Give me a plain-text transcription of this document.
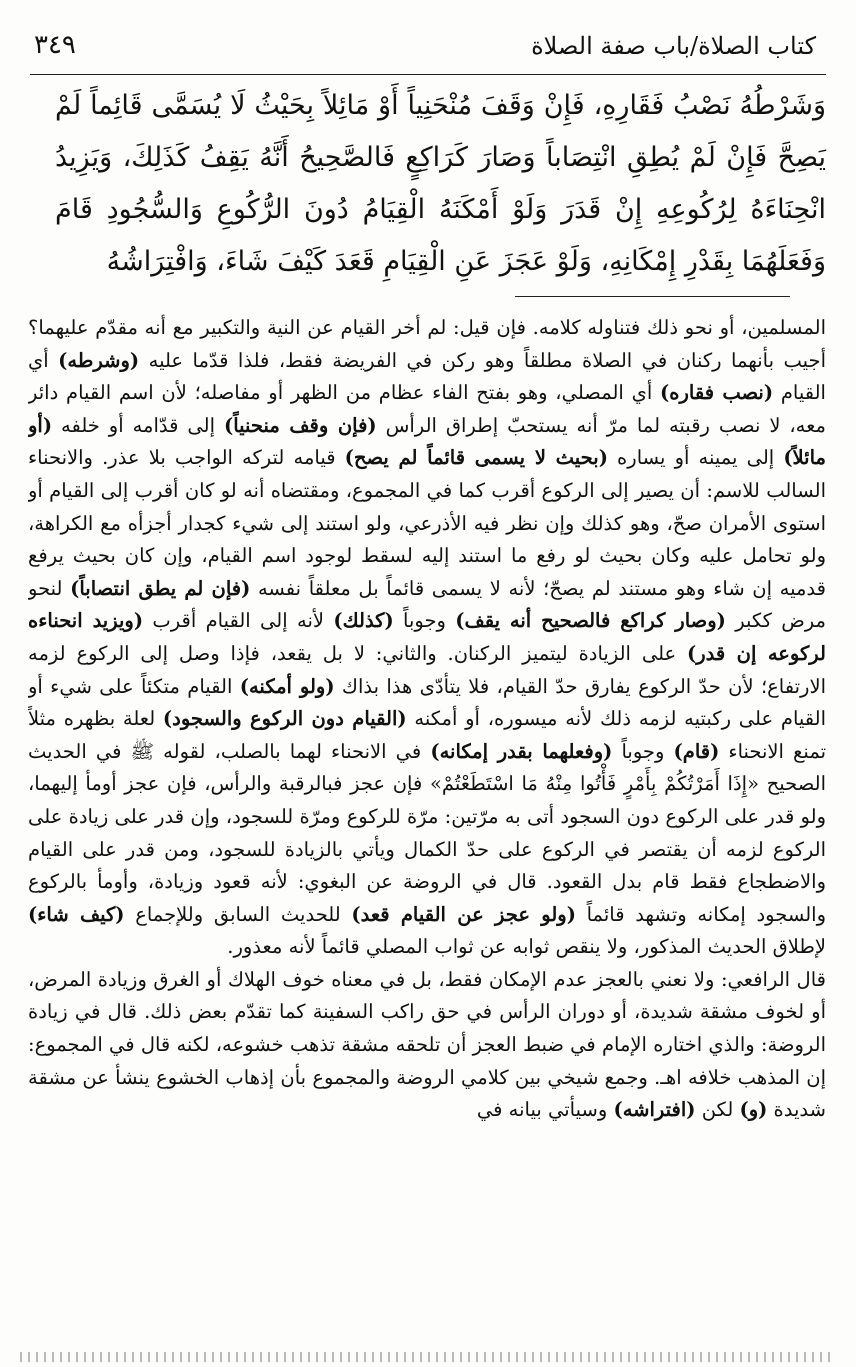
كتاب الصلاة/باب صفة الصلاة
٣٤٩

وَشَرْطُهُ نَصْبُ فَقَارِهِ، فَإِنْ وَقَفَ مُنْحَنِياً أَوْ مَائِلاً بِحَيْثُ لَا يُسَمَّى قَائِماً لَمْ يَصِحَّ فَإِنْ لَمْ يُطِقِ انْتِصَاباً وَصَارَ كَرَاكِعٍ فَالصَّحِيحُ أَنَّهُ يَقِفُ كَذَلِكَ، وَيَزِيدُ انْحِنَاءَهُ لِرُكُوعِهِ إِنْ قَدَرَ وَلَوْ أَمْكَنَهُ الْقِيَامُ دُونَ الرُّكُوعِ وَالسُّجُودِ قَامَ وَفَعَلَهُمَا بِقَدْرِ إِمْكَانِهِ، وَلَوْ عَجَزَ عَنِ الْقِيَامِ قَعَدَ كَيْفَ شَاءَ، وَافْتِرَاشُهُ

المسلمين، أو نحو ذلك فتناوله كلامه. فإن قيل: لم أخر القيام عن النية والتكبير مع أنه مقدّم عليهما؟ أجيب بأنهما ركنان في الصلاة مطلقاً وهو ركن في الفريضة فقط، فلذا قدّما عليه (وشرطه) أي القيام (نصب فقاره) أي المصلي، وهو بفتح الفاء عظام من الظهر أو مفاصله؛ لأن اسم القيام دائر معه، لا نصب رقبته لما مرّ أنه يستحبّ إطراق الرأس (فإن وقف منحنياً) إلى قدّامه أو خلفه (أو مائلاً) إلى يمينه أو يساره (بحيث لا يسمى قائماً لم يصح) قيامه لتركه الواجب بلا عذر. والانحناء السالب للاسم: أن يصير إلى الركوع أقرب كما في المجموع، ومقتضاه أنه لو كان أقرب إلى القيام أو استوى الأمران صحّ، وهو كذلك وإن نظر فيه الأذرعي، ولو استند إلى شيء كجدار أجزأه مع الكراهة، ولو تحامل عليه وكان بحيث لو رفع ما استند إليه لسقط لوجود اسم القيام، وإن كان بحيث يرفع قدميه إن شاء وهو مستند لم يصحّ؛ لأنه لا يسمى قائماً بل معلقاً نفسه (فإن لم يطق انتصاباً) لنحو مرض ككبر (وصار كراكع فالصحيح أنه يقف) وجوباً (كذلك) لأنه إلى القيام أقرب (ويزيد انحناءه لركوعه إن قدر) على الزيادة ليتميز الركنان. والثاني: لا بل يقعد، فإذا وصل إلى الركوع لزمه الارتفاع؛ لأن حدّ الركوع يفارق حدّ القيام، فلا يتأدّى هذا بذاك (ولو أمكنه) القيام متكئاً على شيء أو القيام على ركبتيه لزمه ذلك لأنه ميسوره، أو أمكنه (القيام دون الركوع والسجود) لعلة بظهره مثلاً تمنع الانحناء (قام) وجوباً (وفعلهما بقدر إمكانه) في الانحناء لهما بالصلب، لقوله ﷺ في الحديث الصحيح «إِذَا أَمَرْتُكُمْ بِأَمْرٍ فَأْتُوا مِنْهُ مَا اسْتَطَعْتُمْ» فإن عجز فبالرقبة والرأس، فإن عجز أومأ إليهما، ولو قدر على الركوع دون السجود أتى به مرّتين: مرّة للركوع ومرّة للسجود، وإن قدر على زيادة على الركوع لزمه أن يقتصر في الركوع على حدّ الكمال ويأتي بالزيادة للسجود، ومن قدر على القيام والاضطجاع فقط قام بدل القعود. قال في الروضة عن البغوي: لأنه قعود وزيادة، وأومأ بالركوع والسجود إمكانه وتشهد قائماً (ولو عجز عن القيام قعد) للحديث السابق وللإجماع (كيف شاء) لإطلاق الحديث المذكور، ولا ينقص ثوابه عن ثواب المصلي قائماً لأنه معذور.

قال الرافعي: ولا نعني بالعجز عدم الإمكان فقط، بل في معناه خوف الهلاك أو الغرق وزيادة المرض، أو لخوف مشقة شديدة، أو دوران الرأس في حق راكب السفينة كما تقدّم بعض ذلك. قال في زيادة الروضة: والذي اختاره الإمام في ضبط العجز أن تلحقه مشقة تذهب خشوعه، لكنه قال في المجموع: إن المذهب خلافه اهـ. وجمع شيخي بين كلامي الروضة والمجموع بأن إذهاب الخشوع ينشأ عن مشقة شديدة (و) لكن (افتراشه) وسيأتي بيانه في
